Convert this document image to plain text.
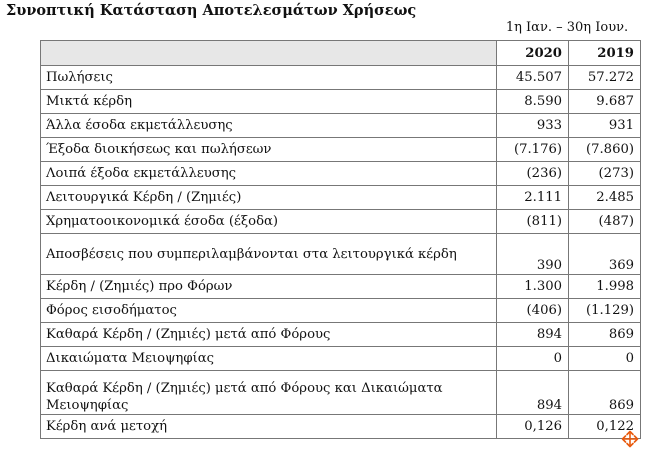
Συνοπτική Κατάσταση Αποτελεσμάτων Χρήσεως
1η Ιαν. – 30η Ιουν.
	2020	2019
Πωλήσεις	45.507	57.272
Μικτά κέρδη	8.590	9.687
Άλλα έσοδα εκμετάλλευσης	933	931
Έξοδα διοικήσεως και πωλήσεων	(7.176)	(7.860)
Λοιπά έξοδα εκμετάλλευσης	(236)	(273)
Λειτουργικά Κέρδη / (Ζημιές)	2.111	2.485
Χρηματοοικονομικά έσοδα (έξοδα)	(811)	(487)
Αποσβέσεις που συμπεριλαμβάνονται στα λειτουργικά κέρδη	390	369
Κέρδη / (Ζημιές) προ Φόρων	1.300	1.998
Φόρος εισοδήματος	(406)	(1.129)
Καθαρά Κέρδη / (Ζημιές) μετά από Φόρους	894	869
Δικαιώματα Μειοψηφίας	0	0
Καθαρά Κέρδη / (Ζημιές) μετά από Φόρους και Δικαιώματα Μειοψηφίας	894	869
Κέρδη ανά μετοχή	0,126	0,122
